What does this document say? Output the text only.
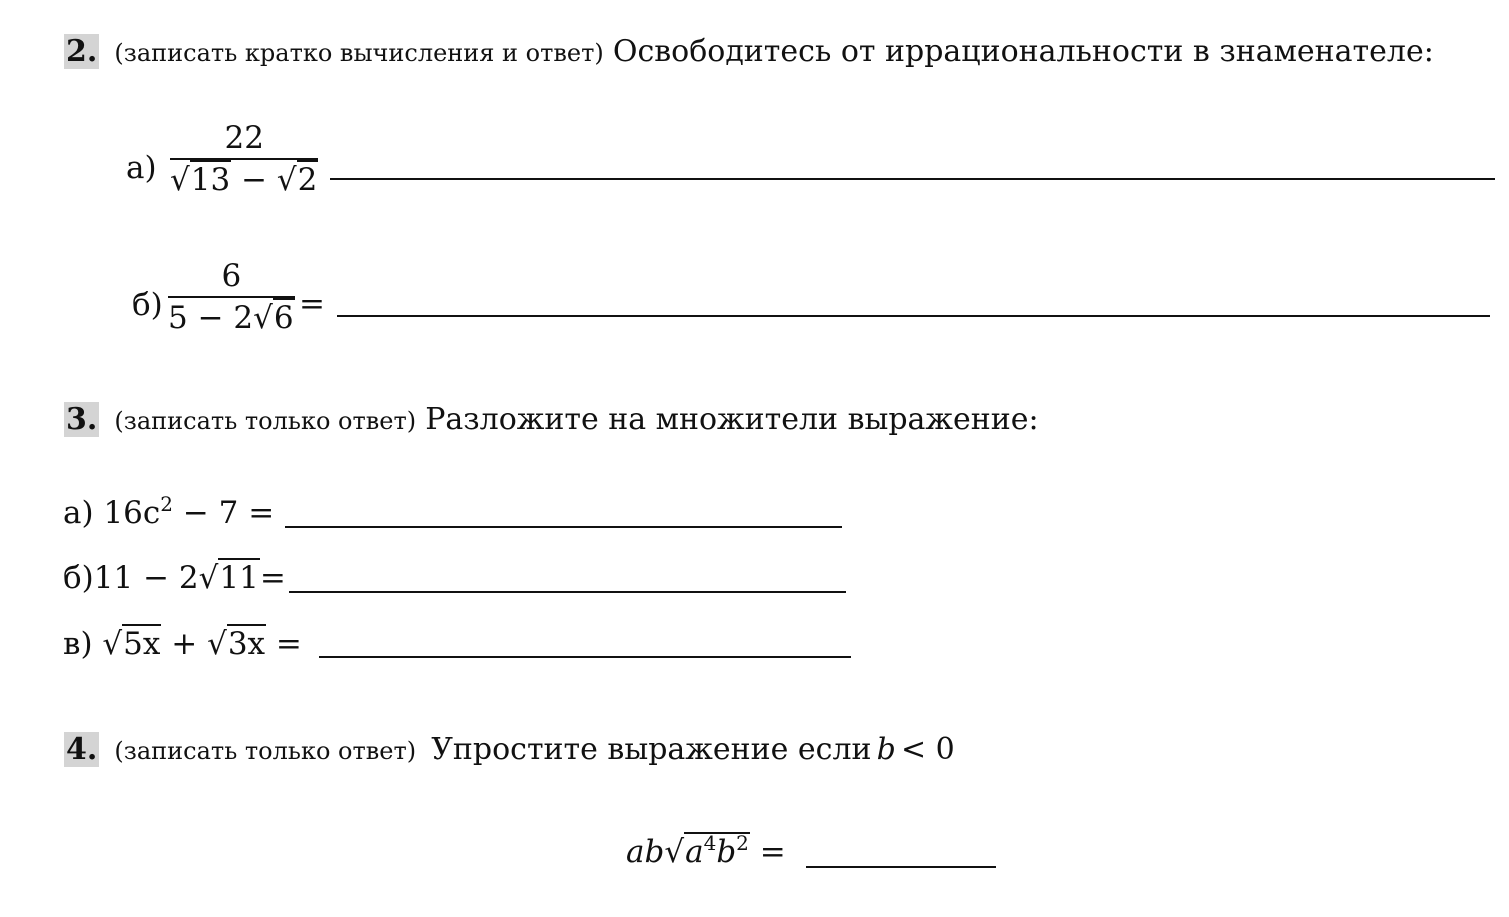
2. (записать кратко вычисления и ответ) Освободитесь от иррациональности в знаменателе:
а)
22
√13 − √2
б)
6
5 − 2√6 =
3. (записать только ответ) Разложите на множители выражение:
а) $16c^2 - 7$ =
б)11 − 2√11=
в) √5x + √3x =
4. (записать только ответ) Упростите выражение если b < 0
$ab√a^4b^2$ =
